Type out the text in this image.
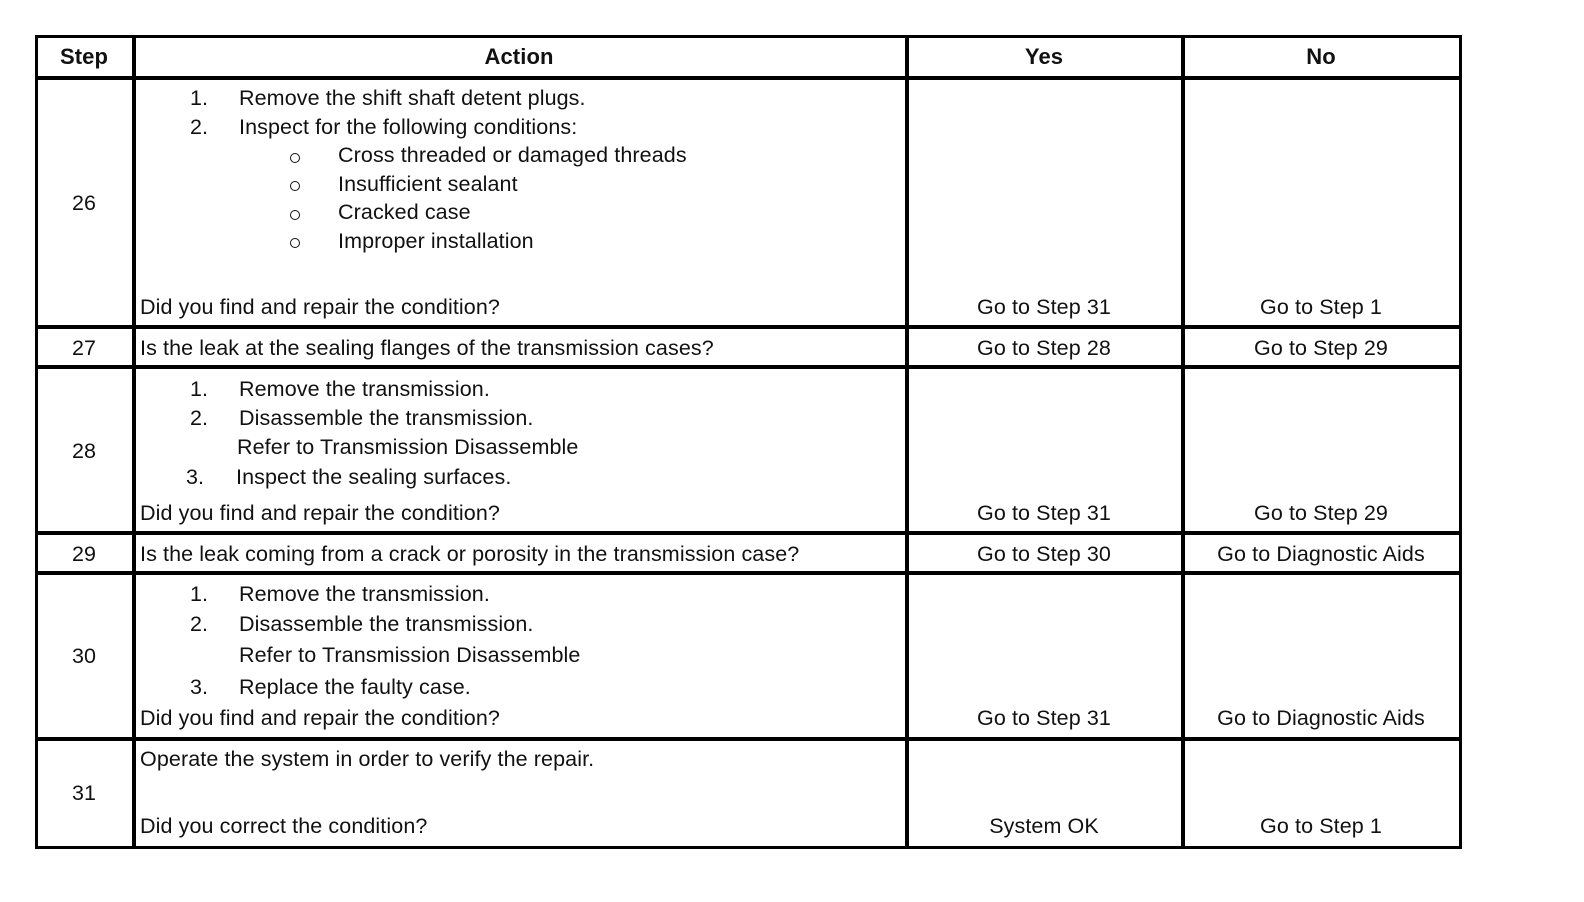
Step	Action	Yes	No
26
1. Remove the shift shaft detent plugs.
2. Inspect for the following conditions:
Cross threaded or damaged threads
Insufficient sealant
Cracked case
Improper installation
Did you find and repair the condition?	Go to Step 31	Go to Step 1
27 Is the leak at the sealing flanges of the transmission cases?	Go to Step 28	Go to Step 29
28
1. Remove the transmission.
2. Disassemble the transmission.
Refer to Transmission Disassemble
3. Inspect the sealing surfaces.
Did you find and repair the condition?	Go to Step 31	Go to Step 29
29 Is the leak coming from a crack or porosity in the transmission case?	Go to Step 30	Go to Diagnostic Aids
30
1. Remove the transmission.
2. Disassemble the transmission.
Refer to Transmission Disassemble
3. Replace the faulty case.
Did you find and repair the condition?	Go to Step 31	Go to Diagnostic Aids
31
Operate the system in order to verify the repair.
Did you correct the condition?	System OK	Go to Step 1
